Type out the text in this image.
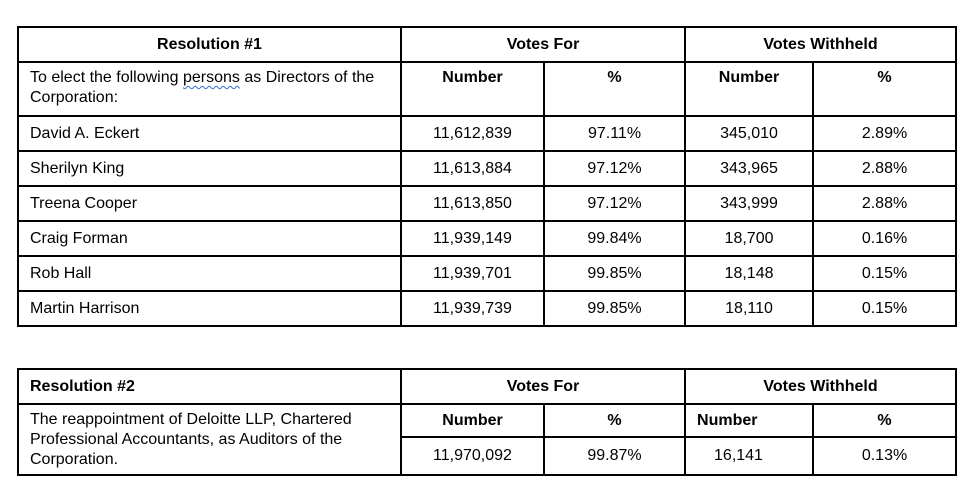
Resolution #1	Votes For		Votes Withheld	
To elect the following persons as Directors of the Corporation:	Number	%	Number	%
David A. Eckert	11,612,839	97.11%	345,010	2.89%
Sherilyn King	11,613,884	97.12%	343,965	2.88%
Treena Cooper	11,613,850	97.12%	343,999	2.88%
Craig Forman	11,939,149	99.84%	18,700	0.16%
Rob Hall	11,939,701	99.85%	18,148	0.15%
Martin Harrison	11,939,739	99.85%	18,110	0.15%
Resolution #2	Votes For		Votes Withheld	
The reappointment of Deloitte LLP, Chartered Professional Accountants, as Auditors of the Corporation.	Number	%	Number	%
	11,970,092	99.87%	16,141	0.13%
